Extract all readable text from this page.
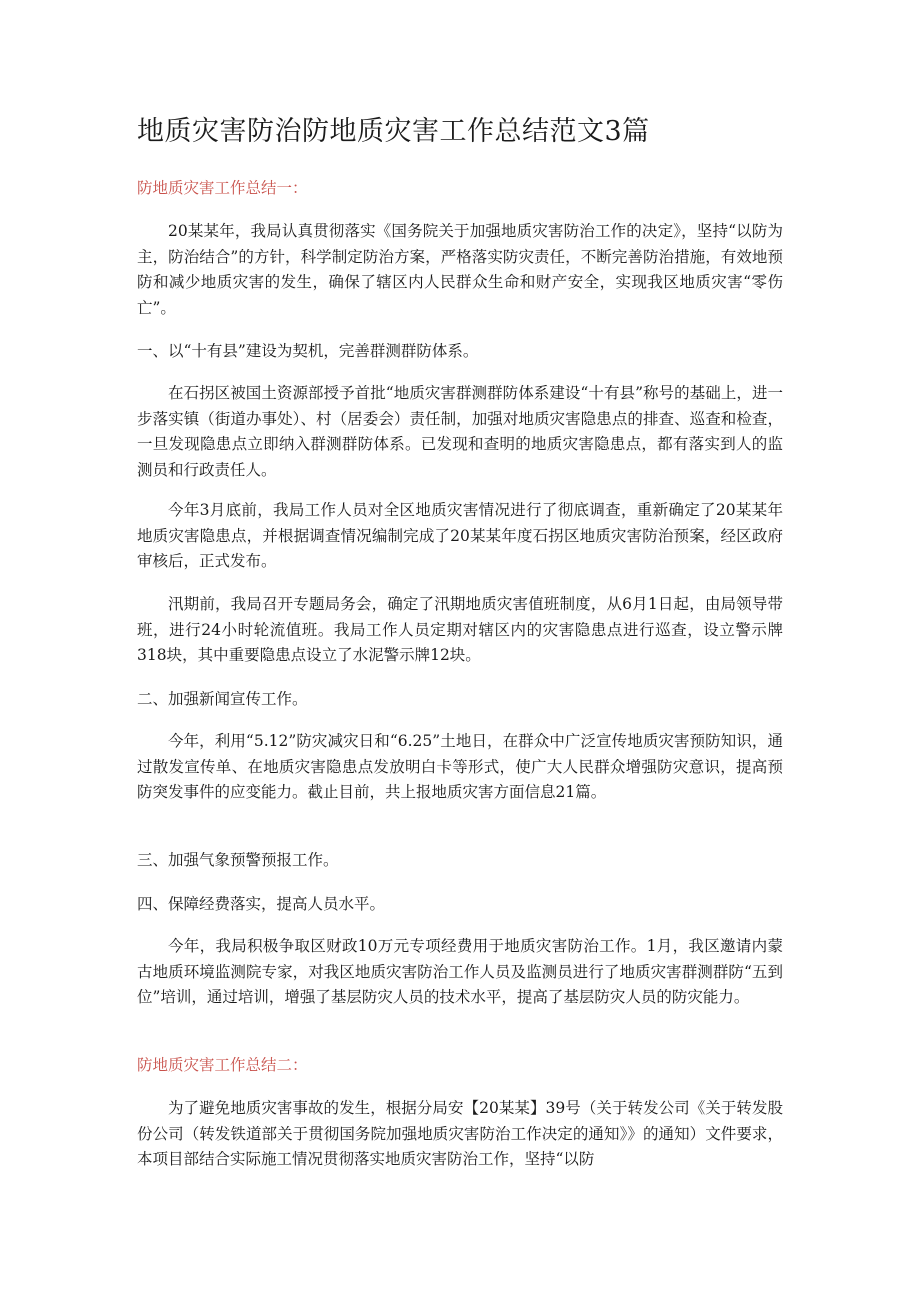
地质灾害防治防地质灾害工作总结范文3篇
防地质灾害工作总结一：

20某某年，我局认真贯彻落实《国务院关于加强地质灾害防治工作的决定》，坚持“以防为主，防治结合”的方针，科学制定防治方案，严格落实防灾责任，不断完善防治措施，有效地预防和减少地质灾害的发生，确保了辖区内人民群众生命和财产安全，实现我区地质灾害“零伤亡”。

一、以“十有县”建设为契机，完善群测群防体系。

在石拐区被国土资源部授予首批“地质灾害群测群防体系建设“十有县”称号的基础上，进一步落实镇（街道办事处）、村（居委会）责任制，加强对地质灾害隐患点的排查、巡查和检查，一旦发现隐患点立即纳入群测群防体系。已发现和查明的地质灾害隐患点，都有落实到人的监测员和行政责任人。

今年3月底前，我局工作人员对全区地质灾害情况进行了彻底调查，重新确定了20某某年地质灾害隐患点，并根据调查情况编制完成了20某某年度石拐区地质灾害防治预案，经区政府审核后，正式发布。

汛期前，我局召开专题局务会，确定了汛期地质灾害值班制度，从6月1日起，由局领导带班，进行24小时轮流值班。我局工作人员定期对辖区内的灾害隐患点进行巡查，设立警示牌318块，其中重要隐患点设立了水泥警示牌12块。

二、加强新闻宣传工作。

今年，利用“5.12”防灾减灾日和“6.25”土地日，在群众中广泛宣传地质灾害预防知识，通过散发宣传单、在地质灾害隐患点发放明白卡等形式，使广大人民群众增强防灾意识，提高预防突发事件的应变能力。截止目前，共上报地质灾害方面信息21篇。

三、加强气象预警预报工作。
四、保障经费落实，提高人员水平。

今年，我局积极争取区财政10万元专项经费用于地质灾害防治工作。1月，我区邀请内蒙古地质环境监测院专家，对我区地质灾害防治工作人员及监测员进行了地质灾害群测群防“五到位”培训，通过培训，增强了基层防灾人员的技术水平，提高了基层防灾人员的防灾能力。

防地质灾害工作总结二：

为了避免地质灾害事故的发生，根据分局安【20某某】39号（关于转发公司《关于转发股份公司（转发铁道部关于贯彻国务院加强地质灾害防治工作决定的通知》》的通知）文件要求，本项目部结合实际施工情况贯彻落实地质灾害防治工作，坚持“以防
